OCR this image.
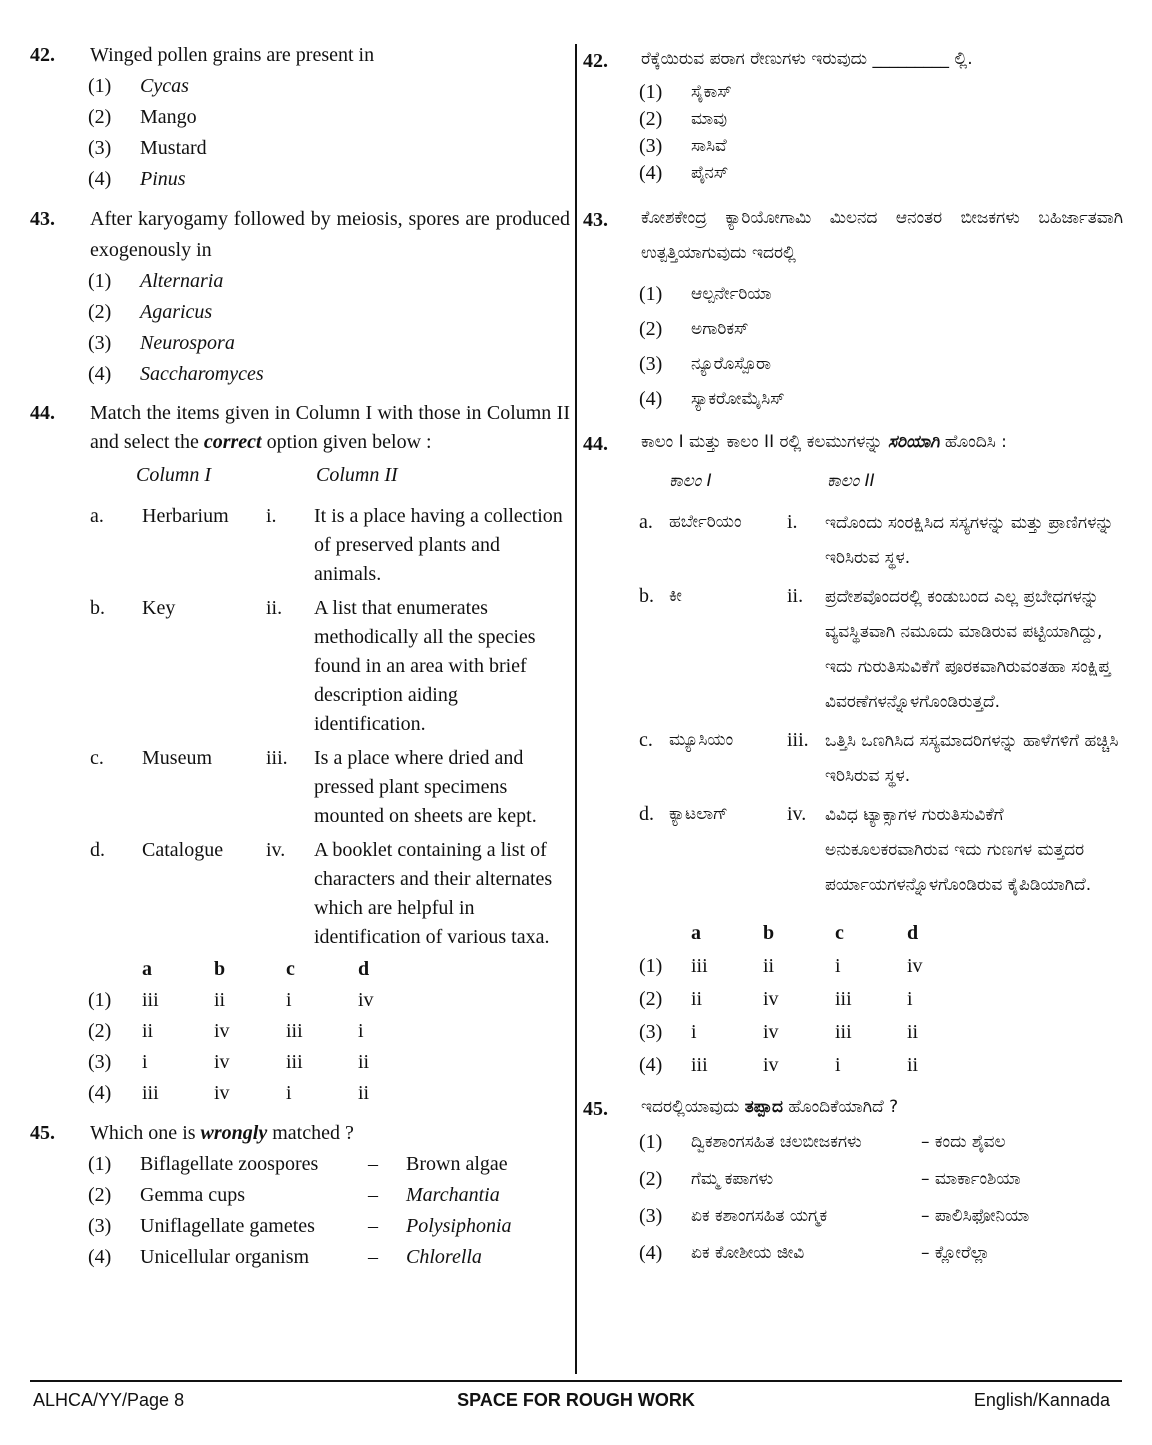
42. Winged pollen grains are present in
(1)	Cycas
(2)	Mango
(3)	Mustard
(4)	Pinus
43. After karyogamy followed by meiosis, spores are produced exogenously in
(1)	Alternaria
(2)	Agaricus
(3)	Neurospora
(4)	Saccharomyces
44. Match the items given in Column I with those in Column II and select the correct option given below :
Column I	Column II
a.	Herbarium	i.	It is a place having a collection of preserved plants and animals.
b.	Key	ii.	A list that enumerates methodically all the species found in an area with brief description aiding identification.
c.	Museum	iii.	Is a place where dried and pressed plant specimens mounted on sheets are kept.
d.	Catalogue	iv.	A booklet containing a list of characters and their alternates which are helpful in identification of various taxa.
a	b	c	d
(1)	iii	ii	i	iv
(2)	ii	iv	iii	i
(3)	i	iv	iii	ii
(4)	iii	iv	i	ii
45. Which one is wrongly matched ?
(1)	Biflagellate zoospores	–	Brown algae
(2)	Gemma cups	–	Marchantia
(3)	Uniflagellate gametes	–	Polysiphonia
(4)	Unicellular organism	–	Chlorella
42. ರೆಕ್ಕೆಯಿರುವ ಪರಾಗ ರೇಣುಗಳು ಇರುವುದು _________ ಲ್ಲಿ.
(1)	ಸೈಕಾಸ್
(2)	ಮಾವು
(3)	ಸಾಸಿವೆ
(4)	ಪೈನಸ್
43. ಕೋಶಕೇಂದ್ರ ಕ್ಯಾರಿಯೋಗಾಮಿ ಮಿಲನದ ಆನಂತರ ಬೀಜಕಗಳು ಬಹಿರ್ಜಾತವಾಗಿ ಉತ್ಪತ್ತಿಯಾಗುವುದು ಇದರಲ್ಲಿ
(1)	ಆಲ್ಪರ್ನೇರಿಯಾ
(2)	ಅಗಾರಿಕಸ್
(3)	ನ್ಯೂರೊಸ್ಪೊರಾ
(4)	ಸ್ಯಾಕರೋಮೈಸಿಸ್
44. ಕಾಲಂ I ಮತ್ತು ಕಾಲಂ II ರಲ್ಲಿ ಕಲಮುಗಳನ್ನು ಸರಿಯಾಗಿ ಹೊಂದಿಸಿ :
ಕಾಲಂ I	ಕಾಲಂ II
a. ಹರ್ಬೇರಿಯಂ	i.	ಇದೊಂದು ಸಂರಕ್ಷಿಸಿದ ಸಸ್ಯಗಳನ್ನು ಮತ್ತು ಪ್ರಾಣಿಗಳನ್ನು ಇರಿಸಿರುವ ಸ್ಥಳ.
b. ಕೀ	ii.	ಪ್ರದೇಶವೊಂದರಲ್ಲಿ ಕಂಡುಬಂದ ಎಲ್ಲ ಪ್ರಬೇಧಗಳನ್ನು ವ್ಯವಸ್ಥಿತವಾಗಿ ನಮೂದು ಮಾಡಿರುವ ಪಟ್ಟಿಯಾಗಿದ್ದು, ಇದು ಗುರುತಿಸುವಿಕೆಗೆ ಪೂರಕವಾಗಿರುವಂತಹಾ ಸಂಕ್ಷಿಪ್ತ ವಿವರಣೆಗಳನ್ನೊಳಗೊಂಡಿರುತ್ತದೆ.
c. ಮ್ಯೂಸಿಯಂ	iii. ಒತ್ತಿಸಿ ಒಣಗಿಸಿದ ಸಸ್ಯಮಾದರಿಗಳನ್ನು ಹಾಳೆಗಳಿಗೆ ಹಚ್ಚಿಸಿ ಇರಿಸಿರುವ ಸ್ಥಳ.
d. ಕ್ಯಾಟಲಾಗ್	iv.	ವಿವಿಧ ಟ್ಯಾಕ್ಸಾಗಳ ಗುರುತಿಸುವಿಕೆಗೆ ಅನುಕೂಲಕರವಾಗಿರುವ ಇದು ಗುಣಗಳ ಮತ್ತದರ ಪರ್ಯಾಯಗಳನ್ನೊಳಗೊಂಡಿರುವ ಕೈಪಿಡಿಯಾಗಿದೆ.
a	b	c	d
(1)	iii	ii	i	iv
(2)	ii	iv	iii	i
(3)	i	iv	iii	ii
(4)	iii	iv	i	ii
45. ಇದರಲ್ಲಿಯಾವುದು ತಪ್ಪಾದ ಹೊಂದಿಕೆಯಾಗಿದೆ ?
(1)	ದ್ವಿಕಶಾಂಗಸಹಿತ ಚಲಬೀಜಕಗಳು	– ಕಂದು ಶೈವಲ
(2)	ಗೆಮ್ಮ ಕಪಾಗಳು	– ಮಾರ್ಕಾಂಶಿಯಾ
(3)	ಏಕ ಕಶಾಂಗಸಹಿತ ಯಗ್ಮಕ	– ಪಾಲಿಸಿಫೋನಿಯಾ
(4)	ಏಕ ಕೋಶೀಯ ಜೀವಿ	– ಕ್ಲೋರೆಲ್ಲಾ
ALHCA/YY/Page 8	SPACE FOR ROUGH WORK	English/Kannada
